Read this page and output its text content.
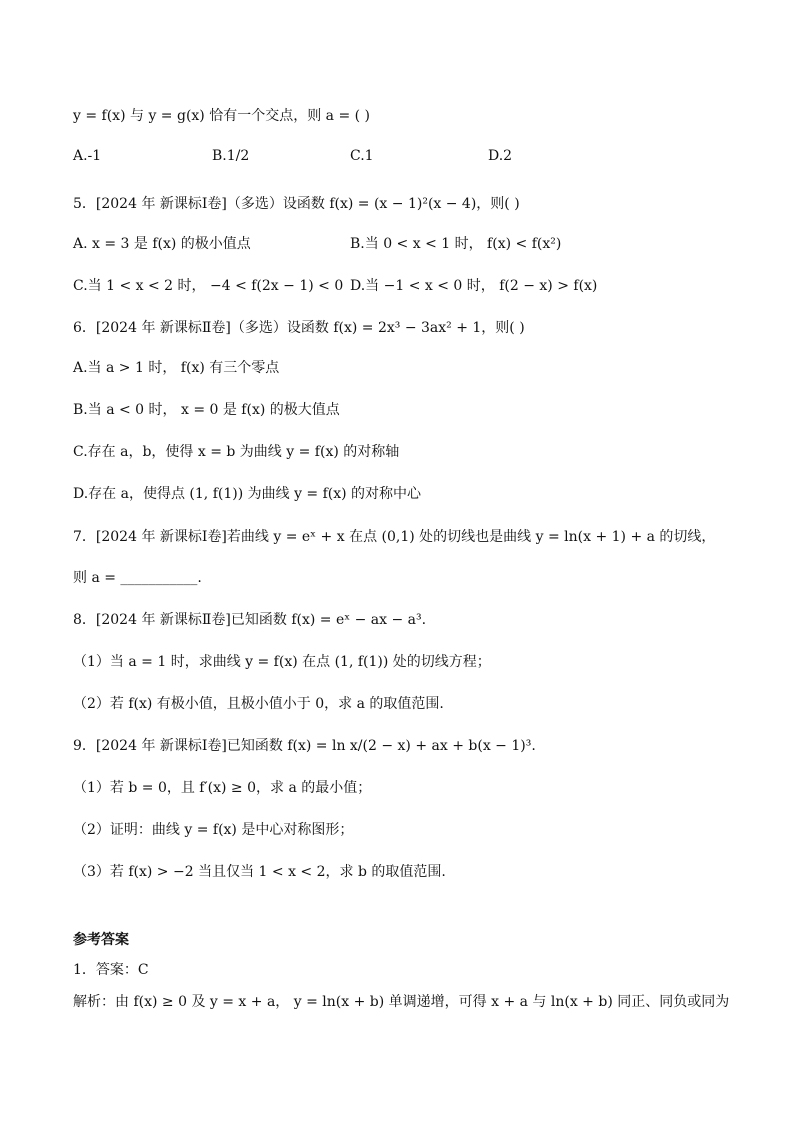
y = f(x) 与 y = g(x) 恰有一个交点，则 a = ( )
A.-1	B.1/2	C.1	D.2
5．[2024 年 新课标Ⅰ卷]（多选）设函数 f(x) = (x − 1)²(x − 4)，则( )
A. x = 3 是 f(x) 的极小值点	B.当 0 < x < 1 时， f(x) < f(x²)
C.当 1 < x < 2 时， −4 < f(2x − 1) < 0 D.当 −1 < x < 0 时， f(2 − x) > f(x)
6．[2024 年 新课标Ⅱ卷]（多选）设函数 f(x) = 2x³ − 3ax² + 1，则( )
A.当 a > 1 时， f(x) 有三个零点
B.当 a < 0 时， x = 0 是 f(x) 的极大值点
C.存在 a，b，使得 x = b 为曲线 y = f(x) 的对称轴
D.存在 a，使得点 (1, f(1)) 为曲线 y = f(x) 的对称中心
7．[2024 年 新课标Ⅰ卷]若曲线 y = eˣ + x 在点 (0,1) 处的切线也是曲线 y = ln(x + 1) + a 的切线，
则 a = ___________.
8．[2024 年 新课标Ⅱ卷]已知函数 f(x) = eˣ − ax − a³.
（1）当 a = 1 时，求曲线 y = f(x) 在点 (1, f(1)) 处的切线方程；
（2）若 f(x) 有极小值，且极小值小于 0，求 a 的取值范围.
9．[2024 年 新课标Ⅰ卷]已知函数 f(x) = ln x/(2 − x) + ax + b(x − 1)³.
（1）若 b = 0，且 f′(x) ≥ 0，求 a 的最小值；
（2）证明：曲线 y = f(x) 是中心对称图形；
（3）若 f(x) > −2 当且仅当 1 < x < 2，求 b 的取值范围.
参考答案
1．答案：C
解析：由 f(x) ≥ 0 及 y = x + a， y = ln(x + b) 单调递增，可得 x + a 与 ln(x + b) 同正、同负或同为
